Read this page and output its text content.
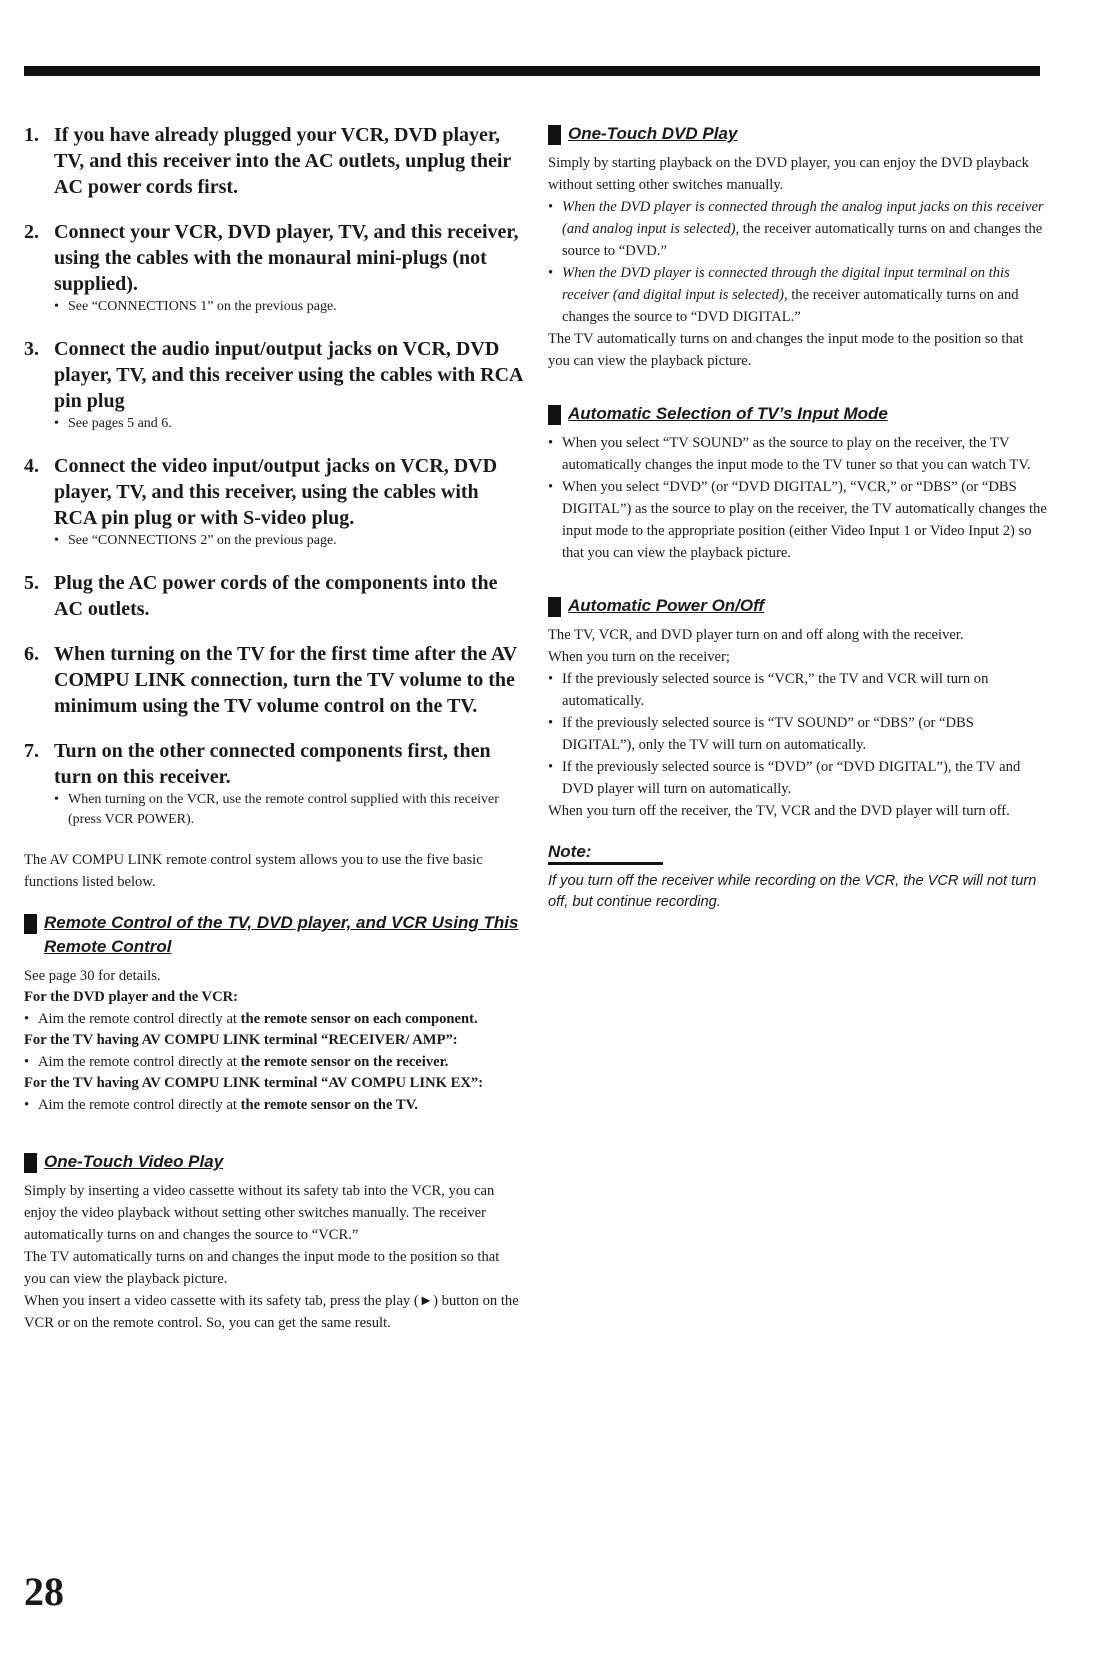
1. If you have already plugged your VCR, DVD player, TV, and this receiver into the AC outlets, unplug their AC power cords first.
2. Connect your VCR, DVD player, TV, and this receiver, using the cables with the monaural mini-plugs (not supplied).
• See “CONNECTIONS 1” on the previous page.
3. Connect the audio input/output jacks on VCR, DVD player, TV, and this receiver using the cables with RCA pin plug
• See pages 5 and 6.
4. Connect the video input/output jacks on VCR, DVD player, TV, and this receiver, using the cables with RCA pin plug or with S-video plug.
• See “CONNECTIONS 2” on the previous page.
5. Plug the AC power cords of the components into the AC outlets.
6. When turning on the TV for the first time after the AV COMPU LINK connection, turn the TV volume to the minimum using the TV volume control on the TV.
7. Turn on the other connected components first, then turn on this receiver.
• When turning on the VCR, use the remote control supplied with this receiver (press VCR POWER).

The AV COMPU LINK remote control system allows you to use the five basic functions listed below.

Remote Control of the TV, DVD player, and VCR Using This Remote Control

See page 30 for details.

For the DVD player and the VCR:
• Aim the remote control directly at the remote sensor on each component.
For the TV having AV COMPU LINK terminal “RECEIVER/ AMP”:
• Aim the remote control directly at the remote sensor on the receiver.
For the TV having AV COMPU LINK terminal “AV COMPU LINK EX”:
• Aim the remote control directly at the remote sensor on the TV.
One-Touch Video Play

Simply by inserting a video cassette without its safety tab into the VCR, you can enjoy the video playback without setting other switches manually. The receiver automatically turns on and changes the source to “VCR.”

The TV automatically turns on and changes the input mode to the position so that you can view the playback picture.

When you insert a video cassette with its safety tab, press the play (►) button on the VCR or on the remote control. So, you can get the same result.

One-Touch DVD Play

Simply by starting playback on the DVD player, you can enjoy the DVD playback without setting other switches manually.

• When the DVD player is connected through the analog input jacks on this receiver (and analog input is selected), the receiver automatically turns on and changes the source to “DVD.”
• When the DVD player is connected through the digital input terminal on this receiver (and digital input is selected), the receiver automatically turns on and changes the source to “DVD DIGITAL.”

The TV automatically turns on and changes the input mode to the position so that you can view the playback picture.

Automatic Selection of TV’s Input Mode
• When you select “TV SOUND” as the source to play on the receiver, the TV automatically changes the input mode to the TV tuner so that you can watch TV.
• When you select “DVD” (or “DVD DIGITAL”), “VCR,” or “DBS” (or “DBS DIGITAL”) as the source to play on the receiver, the TV automatically changes the input mode to the appropriate position (either Video Input 1 or Video Input 2) so that you can view the playback picture.
Automatic Power On/Off

The TV, VCR, and DVD player turn on and off along with the receiver.

When you turn on the receiver;

• If the previously selected source is “VCR,” the TV and VCR will turn on automatically.
• If the previously selected source is “TV SOUND” or “DBS” (or “DBS DIGITAL”), only the TV will turn on automatically.
• If the previously selected source is “DVD” (or “DVD DIGITAL”), the TV and DVD player will turn on automatically.

When you turn off the receiver, the TV, VCR and the DVD player will turn off.

Note:
If you turn off the receiver while recording on the VCR, the VCR will not turn off, but continue recording.
28
